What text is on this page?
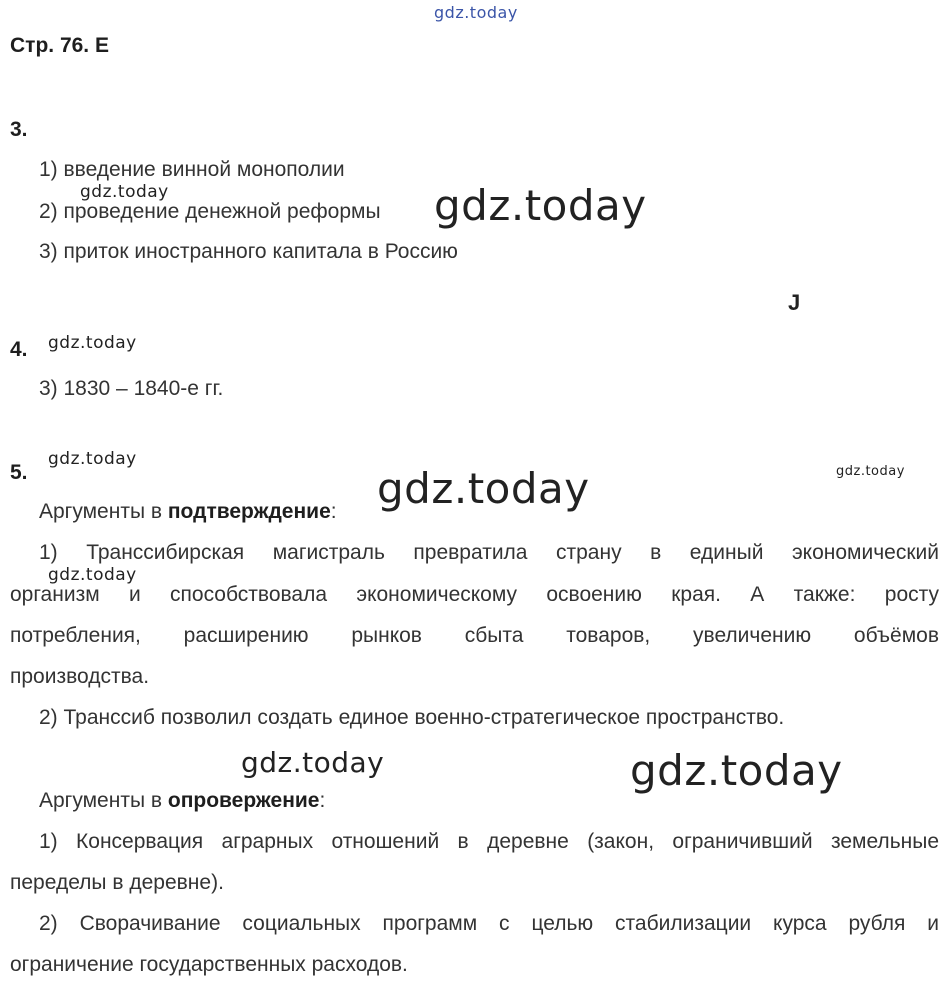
gdz.today
Стр. 76. Е
3.
1) введение винной монополии
2) проведение денежной реформы
3) приток иностранного капитала в Россию
gdz.today	gdz.today
J
4. gdz.today
3) 1830 – 1840-е гг.
5.
gdz.today
gdz.today
gdz.today
Аргументы в подтверждение:
1) Транссибирская магистраль превратила страну в единый экономический
gdz.today
организм и способствовала экономическому освоению края. А также: росту
потребления, расширению рынков сбыта товаров, увеличению объёмов
производства.
2) Транссиб позволил создать единое военно-стратегическое пространство.
gdz.today	gdz.today
Аргументы в опровержение:
1) Консервация аграрных отношений в деревне (закон, ограничивший земельные
переделы в деревне).
2) Сворачивание социальных программ с целью стабилизации курса рубля и
ограничение государственных расходов.
